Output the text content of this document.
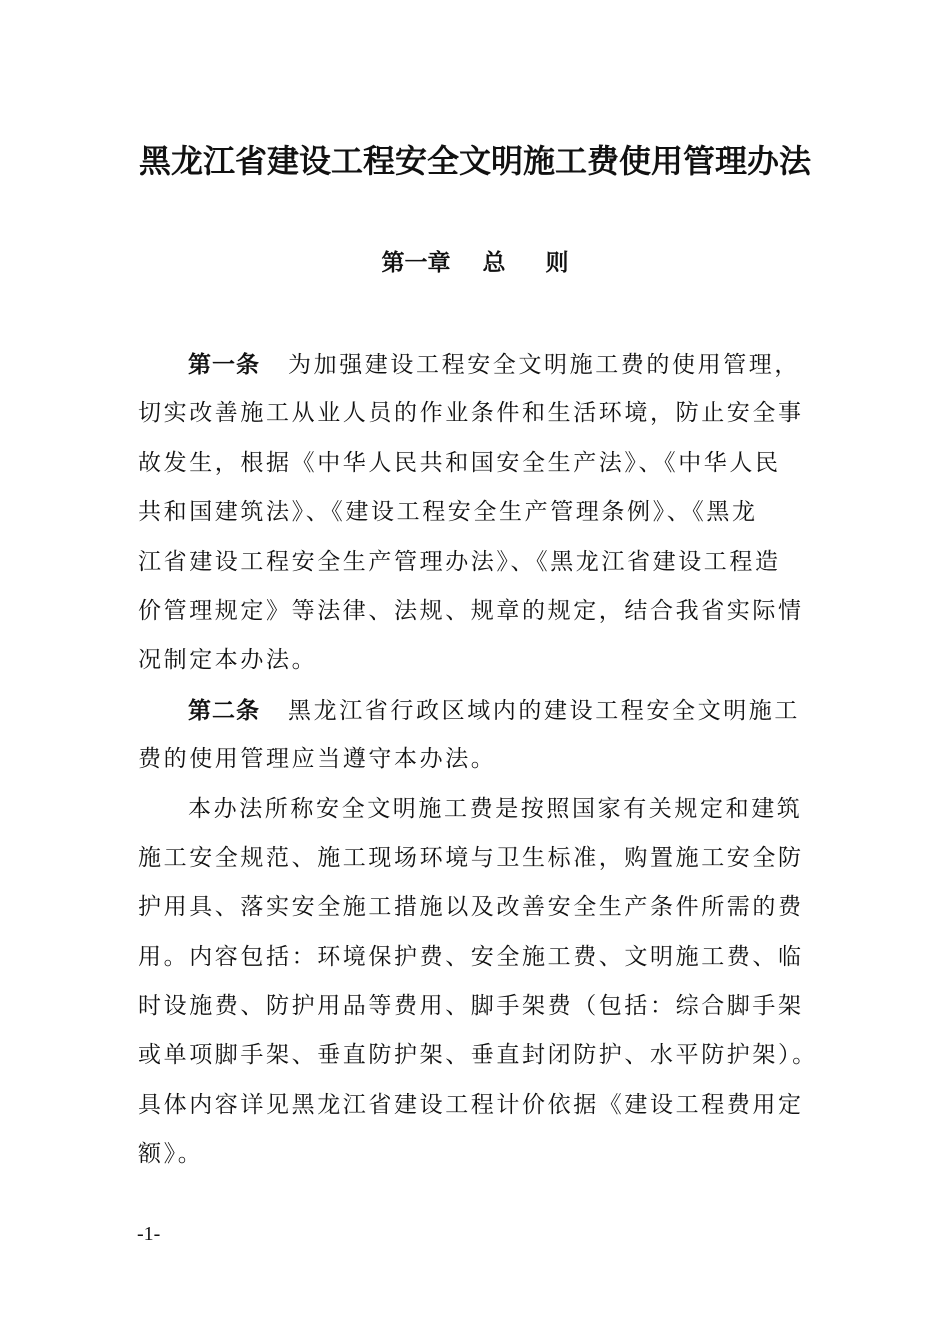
黑龙江省建设工程安全文明施工费使用管理办法
第一章    总     则
第一条 为加强建设工程安全文明施工费的使用管理，
切实改善施工从业人员的作业条件和生活环境，防止安全事
故发生，根据《中华人民共和国安全生产法》、《中华人民
共和国建筑法》、《建设工程安全生产管理条例》、《黑龙
江省建设工程安全生产管理办法》、《黑龙江省建设工程造
价管理规定》等法律、法规、规章的规定，结合我省实际情
况制定本办法。
第二条 黑龙江省行政区域内的建设工程安全文明施工
费的使用管理应当遵守本办法。
本办法所称安全文明施工费是按照国家有关规定和建筑
施工安全规范、施工现场环境与卫生标准，购置施工安全防
护用具、落实安全施工措施以及改善安全生产条件所需的费
用。内容包括：环境保护费、安全施工费、文明施工费、临
时设施费、防护用品等费用、脚手架费（包括：综合脚手架
或单项脚手架、垂直防护架、垂直封闭防护、水平防护架）。
具体内容详见黑龙江省建设工程计价依据《建设工程费用定
额》。
-1-
